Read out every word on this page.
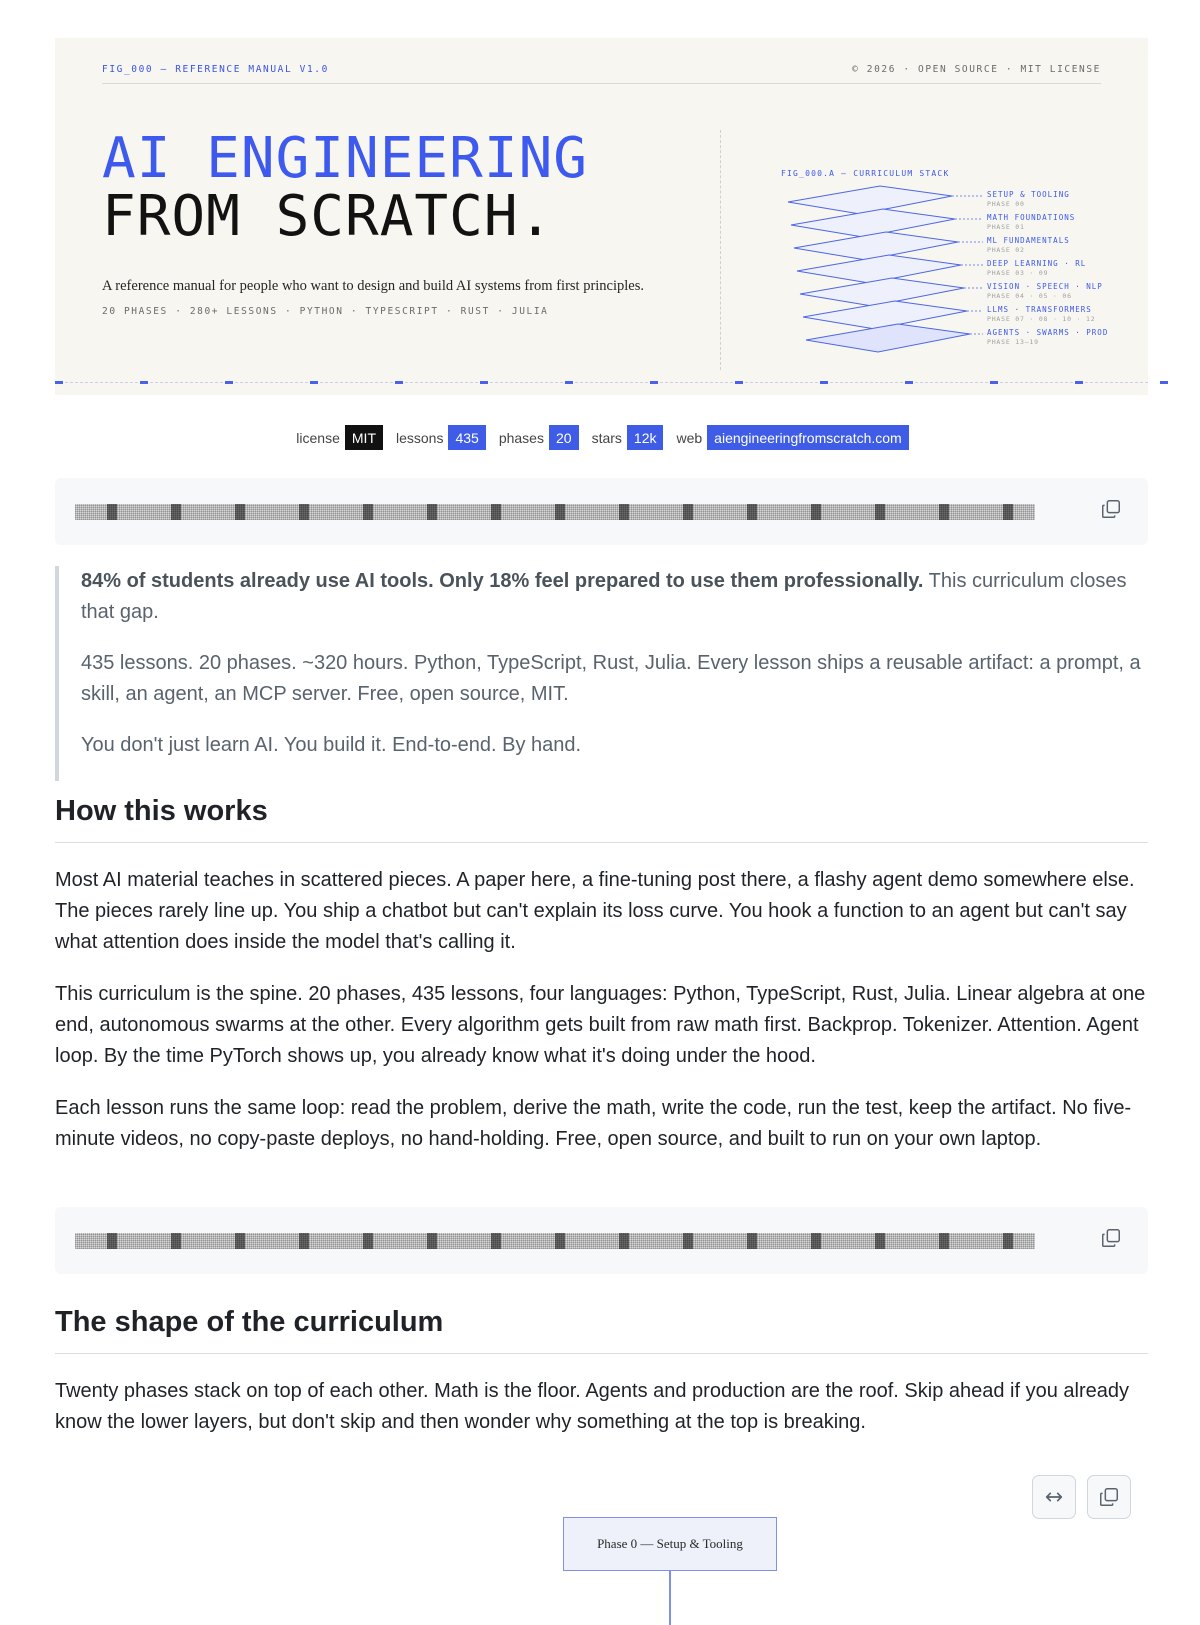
FIG_000 — REFERENCE MANUAL V1.0	© 2026 · OPEN SOURCE · MIT LICENSE
AI ENGINEERING
FROM SCRATCH.
A reference manual for people who want to design and build AI systems from first principles.
20 PHASES · 280+ LESSONS · PYTHON · TYPESCRIPT · RUST · JULIA
FIG_000.A — CURRICULUM STACK
SETUP & TOOLING
PHASE 00
MATH FOUNDATIONS
PHASE 01
ML FUNDAMENTALS
PHASE 02
DEEP LEARNING · RL
PHASE 03 · 09
VISION · SPEECH · NLP
PHASE 04 · 05 · 06
LLMS · TRANSFORMERS
PHASE 07 · 08 · 10 · 12
AGENTS · SWARMS · PROD
PHASE 13–19
license MIT	lessons 435	phases 20	stars 12k	web aiengineeringfromscratch.com

84% of students already use AI tools. Only 18% feel prepared to use them professionally. This curriculum closes that gap.

435 lessons. 20 phases. ~320 hours. Python, TypeScript, Rust, Julia. Every lesson ships a reusable artifact: a prompt, a skill, an agent, an MCP server. Free, open source, MIT.

You don't just learn AI. You build it. End-to-end. By hand.

How this works
Most AI material teaches in scattered pieces. A paper here, a fine-tuning post there, a flashy agent demo somewhere else. The pieces rarely line up. You ship a chatbot but can't explain its loss curve. You hook a function to an agent but can't say what attention does inside the model that's calling it.
This curriculum is the spine. 20 phases, 435 lessons, four languages: Python, TypeScript, Rust, Julia. Linear algebra at one end, autonomous swarms at the other. Every algorithm gets built from raw math first. Backprop. Tokenizer. Attention. Agent loop. By the time PyTorch shows up, you already know what it's doing under the hood.
Each lesson runs the same loop: read the problem, derive the math, write the code, run the test, keep the artifact. No five-minute videos, no copy-paste deploys, no hand-holding. Free, open source, and built to run on your own laptop.
The shape of the curriculum
Twenty phases stack on top of each other. Math is the floor. Agents and production are the roof. Skip ahead if you already know the lower layers, but don't skip and then wonder why something at the top is breaking.
Phase 0 — Setup & Tooling
